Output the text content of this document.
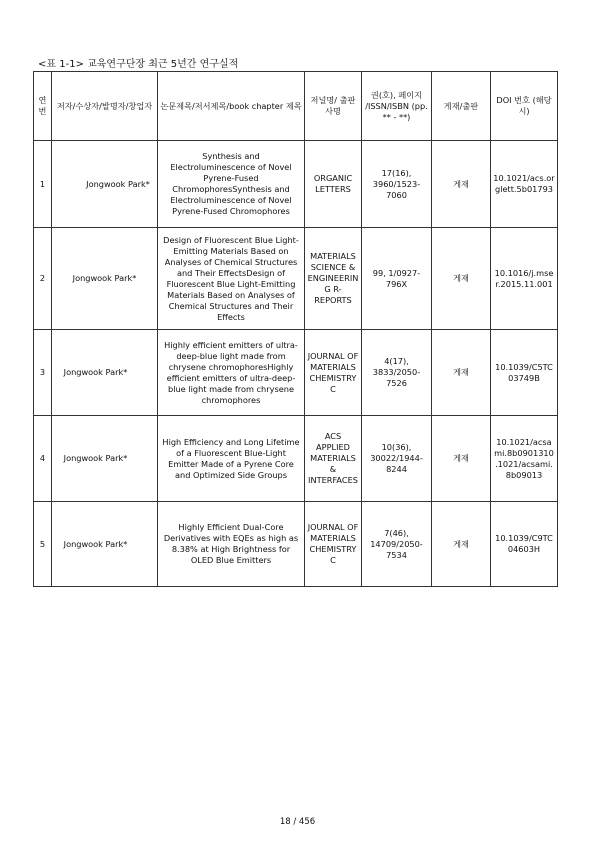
<표 1-1> 교육연구단장 최근 5년간 연구실적
연번	저자/수상자/발명자/창업자	논문제목/저서제목/book chapter 제목	저널명/ 출판사명	권(호), 페이지 /ISSN/ISBN (pp. ** - **)	게재/출판	DOI 번호 (해당 시)
1	Jongwook Park*	Synthesis and Electroluminescence of Novel Pyrene-Fused ChromophoresSynthesis and Electroluminescence of Novel Pyrene-Fused Chromophores	ORGANIC LETTERS	17(16), 3960/1523-7060	게재	10.1021/acs.orglett.5b01793
2	Jongwook Park*	Design of Fluorescent Blue Light-Emitting Materials Based on Analyses of Chemical Structures and Their EffectsDesign of Fluorescent Blue Light-Emitting Materials Based on Analyses of Chemical Structures and Their Effects	MATERIALS SCIENCE & ENGINEERING R-REPORTS	99, 1/0927-796X	게재	10.1016/j.mser.2015.11.001
3	Jongwook Park*	Highly efficient emitters of ultra-deep-blue light made from chrysene chromophoresHighly efficient emitters of ultra-deep-blue light made from chrysene chromophores	JOURNAL OF MATERIALS CHEMISTRY C	4(17), 3833/2050-7526	게재	10.1039/C5TC03749B
4	Jongwook Park*	High Efficiency and Long Lifetime of a Fluorescent Blue-Light Emitter Made of a Pyrene Core and Optimized Side Groups	ACS APPLIED MATERIALS & INTERFACES	10(36), 30022/1944-8244	게재	10.1021/acsami.8b0901310.1021/acsami.8b09013
5	Jongwook Park*	Highly Efficient Dual-Core Derivatives with EQEs as high as 8.38% at High Brightness for OLED Blue Emitters	JOURNAL OF MATERIALS CHEMISTRY C	7(46), 14709/2050-7534	게재	10.1039/C9TC04603H
18 / 456
